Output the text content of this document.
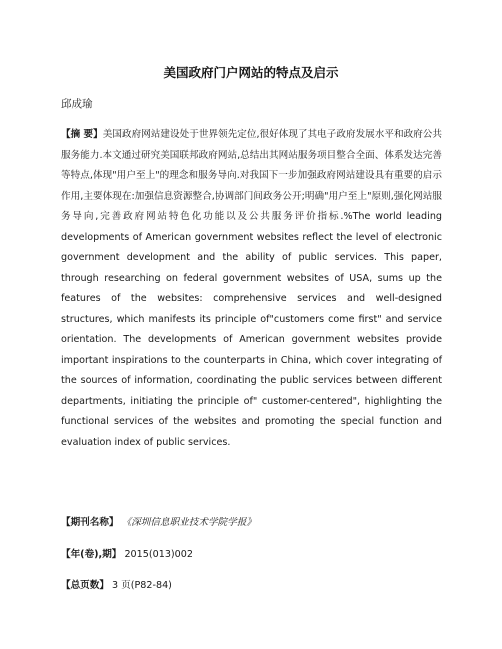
美国政府门户网站的特点及启示
邱成瑜
【摘 要】美国政府网站建设处于世界领先定位,很好体现了其电子政府发展水平和政府公共服务能力.本文通过研究美国联邦政府网站,总结出其网站服务项目整合全面、体系发达完善等特点,体现"用户至上"的理念和服务导向.对我国下一步加强政府网站建设具有重要的启示作用,主要体现在:加强信息资源整合,协调部门间政务公开;明确"用户至上"原则,强化网站服务导向,完善政府网站特色化功能以及公共服务评价指标.%The world leading developments of American government websites reflect the level of electronic government development and the ability of public services. This paper, through researching on federal government websites of USA, sums up the features of the websites: comprehensive services and well-designed structures, which manifests its principle of"customers come first" and service orientation. The developments of American government websites provide important inspirations to the counterparts in China, which cover integrating of the sources of information, coordinating the public services between different departments, initiating the principle of" customer-centered", highlighting the functional services of the websites and promoting the special function and evaluation index of public services.
【期刊名称】 《深圳信息职业技术学院学报》
【年(卷),期】 2015(013)002
【总页数】 3 页(P82-84)
